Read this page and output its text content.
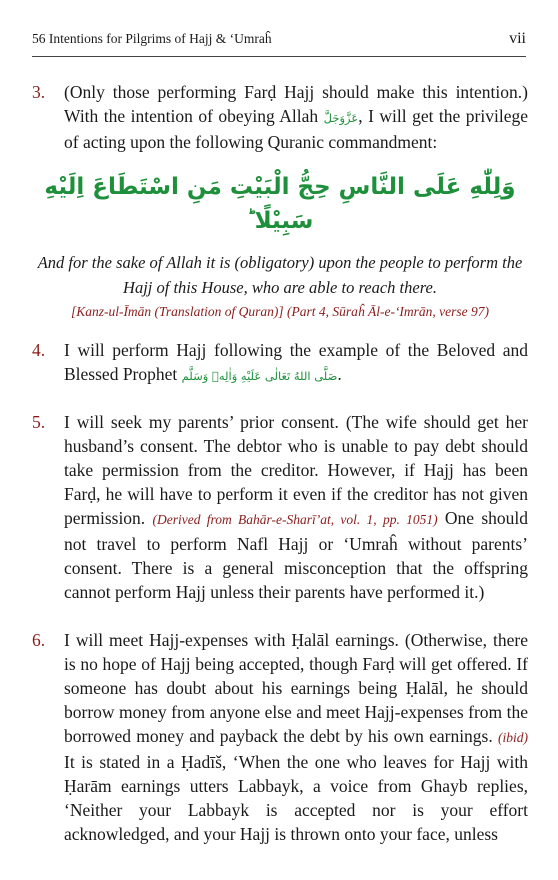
56 Intentions for Pilgrims of Hajj & ‘Umraĥ	vii
3.	(Only those performing Farḍ Hajj should make this intention.) With the intention of obeying Allah عَزَّوَجَلَّ, I will get the privilege of acting upon the following Quranic commandment:
وَلِلّٰهِ عَلَى النَّاسِ حِجُّ الْبَيْتِ مَنِ اسْتَطَاعَ اِلَيْهِ سَبِيْلًا ؕ
And for the sake of Allah it is (obligatory) upon the people to perform the Hajj of this House, who are able to reach there.
[Kanz-ul-Īmān (Translation of Quran)] (Part 4, Sūraĥ Āl-e-‘Imrān, verse 97)
4.	I will perform Hajj following the example of the Beloved and Blessed Prophet صَلَّى اللهُ تَعَالٰى عَلَيْهِ وَاٰلِهٖ وَسَلَّم.
5.	I will seek my parents’ prior consent. (The wife should get her husband’s consent. The debtor who is unable to pay debt should take permission from the creditor. However, if Hajj has been Farḍ, he will have to perform it even if the creditor has not given permission. (Derived from Bahār-e-Sharī’at, vol. 1, pp. 1051) One should not travel to perform Nafl Hajj or ‘Umraĥ without parents’ consent. There is a general misconception that the offspring cannot perform Hajj unless their parents have performed it.)
6.	I will meet Hajj-expenses with Ḥalāl earnings. (Otherwise, there is no hope of Hajj being accepted, though Farḍ will get offered. If someone has doubt about his earnings being Ḥalāl, he should borrow money from anyone else and meet Hajj-expenses from the borrowed money and payback the debt by his own earnings. (ibid) It is stated in a Ḥadīš, ‘When the one who leaves for Hajj with Ḥarām earnings utters Labbayk, a voice from Ghayb replies, ‘Neither your Labbayk is accepted nor is your effort acknowledged, and your Hajj is thrown onto your face, unless
